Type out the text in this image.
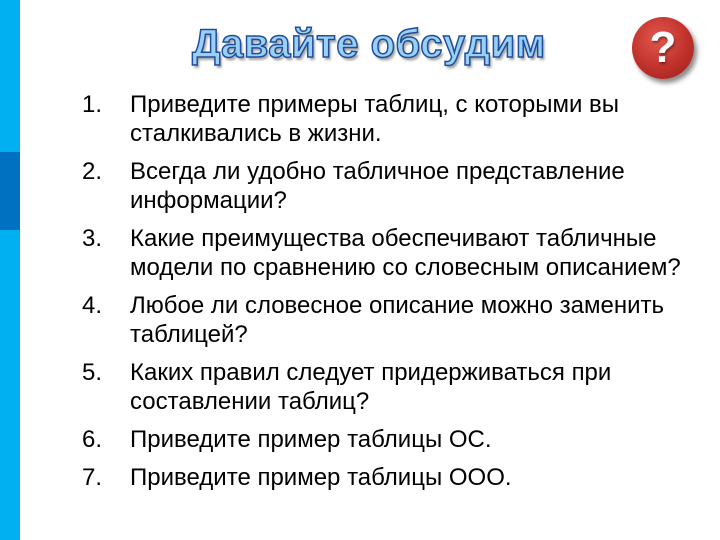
Давайте обсудим	?
1. Приведите примеры таблиц, с которыми вы сталкивались в жизни.
2. Всегда ли удобно табличное представление информации?
3. Какие преимущества обеспечивают табличные модели по сравнению со словесным описанием?
4. Любое ли словесное описание можно заменить таблицей?
5. Каких правил следует придерживаться при составлении таблиц?
6. Приведите пример таблицы ОС.
7. Приведите пример таблицы ООО.
